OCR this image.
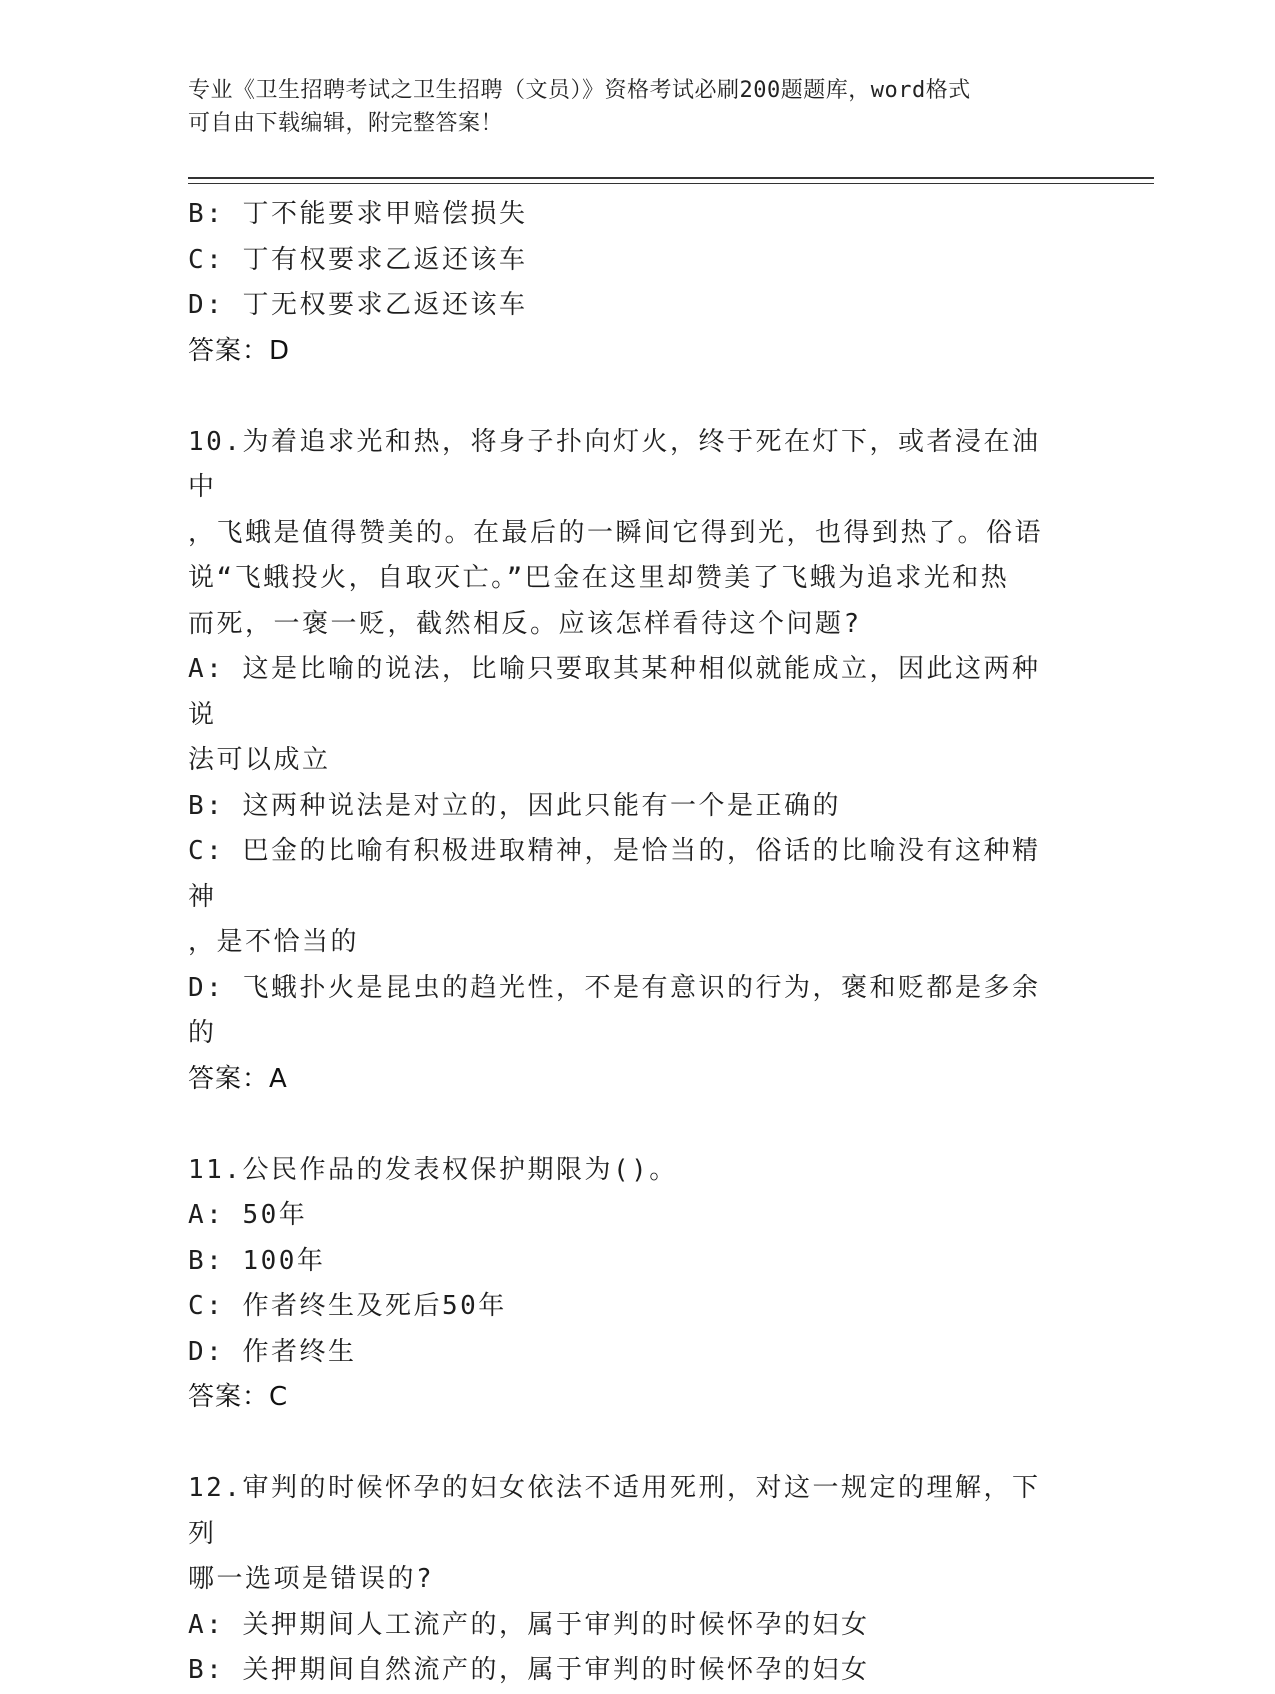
专业《卫生招聘考试之卫生招聘（文员）》资格考试必刷200题题库，word格式
可自由下载编辑，附完整答案！
B: 丁不能要求甲赔偿损失
C: 丁有权要求乙返还该车
D: 丁无权要求乙返还该车
答案：D
10.为着追求光和热，将身子扑向灯火，终于死在灯下，或者浸在油中
，飞蛾是值得赞美的。在最后的一瞬间它得到光，也得到热了。俗语
说“飞蛾投火，自取灭亡。”巴金在这里却赞美了飞蛾为追求光和热
而死，一褒一贬，截然相反。应该怎样看待这个问题?
A: 这是比喻的说法，比喻只要取其某种相似就能成立，因此这两种说
法可以成立
B: 这两种说法是对立的，因此只能有一个是正确的
C: 巴金的比喻有积极进取精神，是恰当的，俗话的比喻没有这种精神
，是不恰当的
D: 飞蛾扑火是昆虫的趋光性，不是有意识的行为，褒和贬都是多余的
答案：A
11.公民作品的发表权保护期限为()。
A: 50年
B: 100年
C: 作者终生及死后50年
D: 作者终生
答案：C
12.审判的时候怀孕的妇女依法不适用死刑，对这一规定的理解，下列
哪一选项是错误的?
A: 关押期间人工流产的，属于审判的时候怀孕的妇女
B: 关押期间自然流产的，属于审判的时候怀孕的妇女
